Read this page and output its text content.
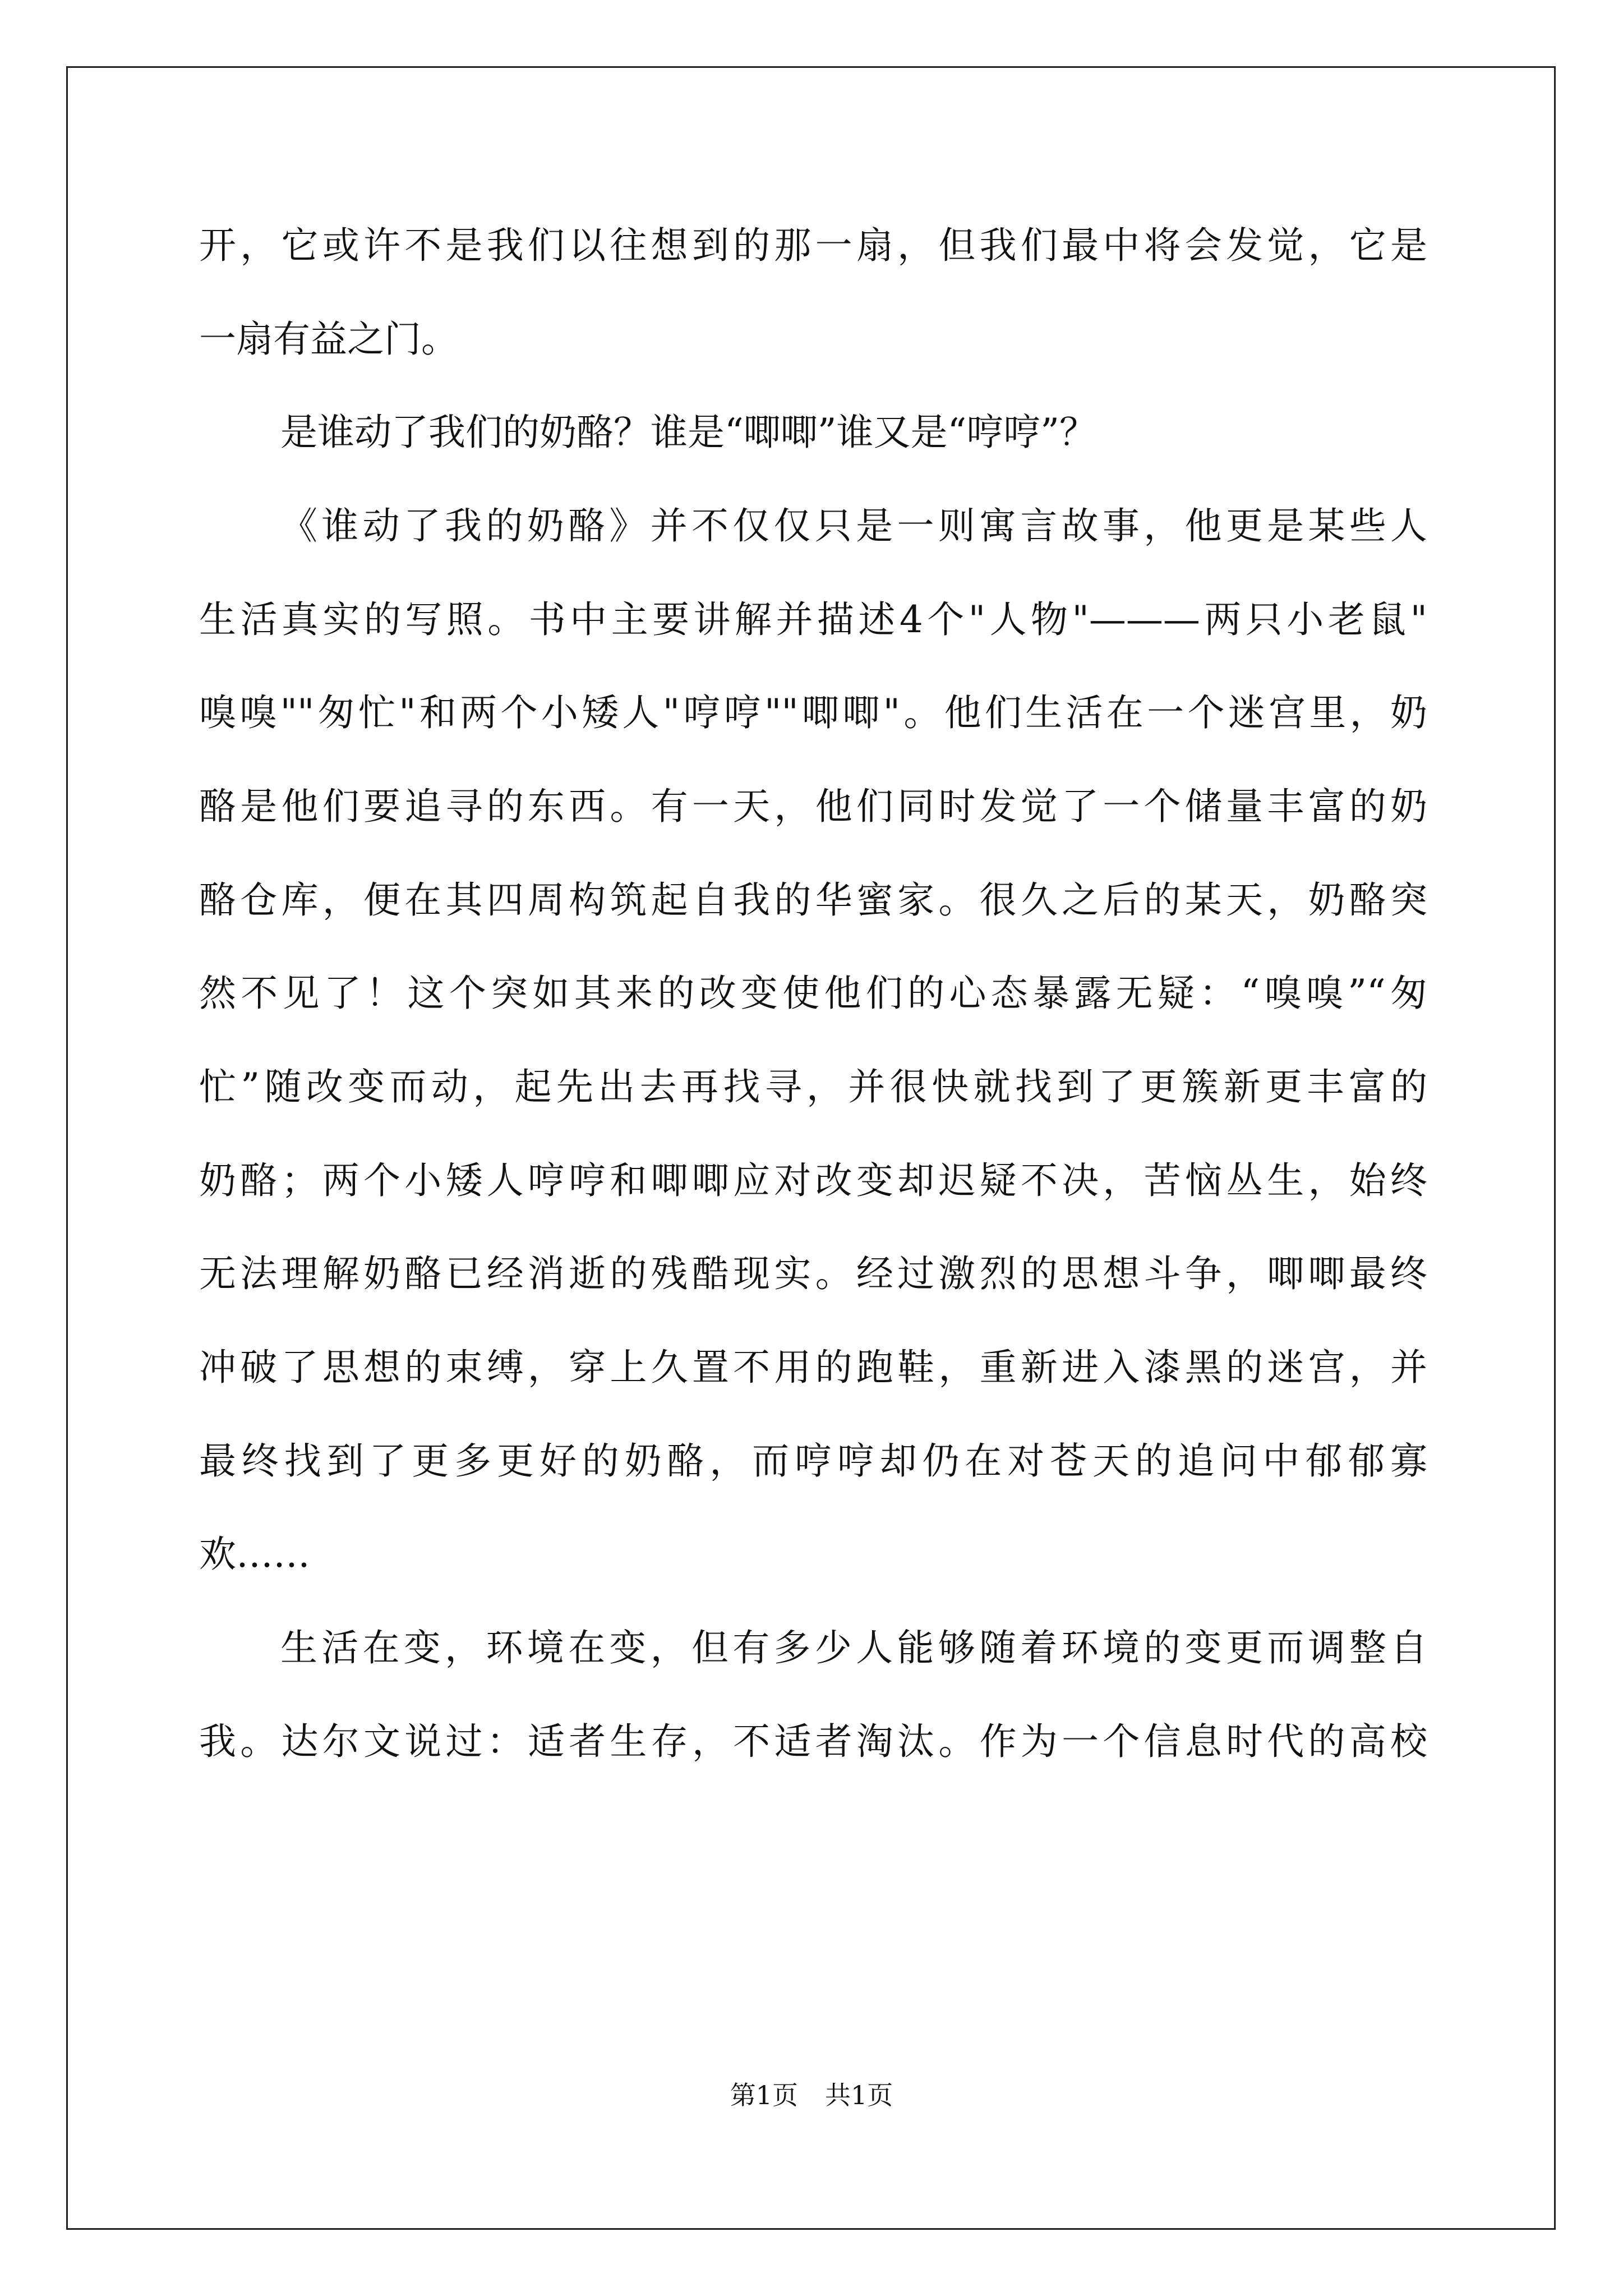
开，它或许不是我们以往想到的那一扇，但我们最中将会发觉，它是
一扇有益之门。
是谁动了我们的奶酪？谁是“唧唧”谁又是“哼哼”？
《谁动了我的奶酪》并不仅仅只是一则寓言故事，他更是某些人
生活真实的写照。书中主要讲解并描述4个"人物"———两只小老鼠"
嗅嗅""匆忙"和两个小矮人"哼哼""唧唧"。他们生活在一个迷宫里，奶
酪是他们要追寻的东西。有一天，他们同时发觉了一个储量丰富的奶
酪仓库，便在其四周构筑起自我的华蜜家。很久之后的某天，奶酪突
然不见了！这个突如其来的改变使他们的心态暴露无疑：“嗅嗅”“匆
忙”随改变而动，起先出去再找寻，并很快就找到了更簇新更丰富的
奶酪；两个小矮人哼哼和唧唧应对改变却迟疑不决，苦恼丛生，始终
无法理解奶酪已经消逝的残酷现实。经过激烈的思想斗争，唧唧最终
冲破了思想的束缚，穿上久置不用的跑鞋，重新进入漆黑的迷宫，并
最终找到了更多更好的奶酪，而哼哼却仍在对苍天的追问中郁郁寡
欢……
生活在变，环境在变，但有多少人能够随着环境的变更而调整自
我。达尔文说过：适者生存，不适者淘汰。作为一个信息时代的高校
第1页 共1页
